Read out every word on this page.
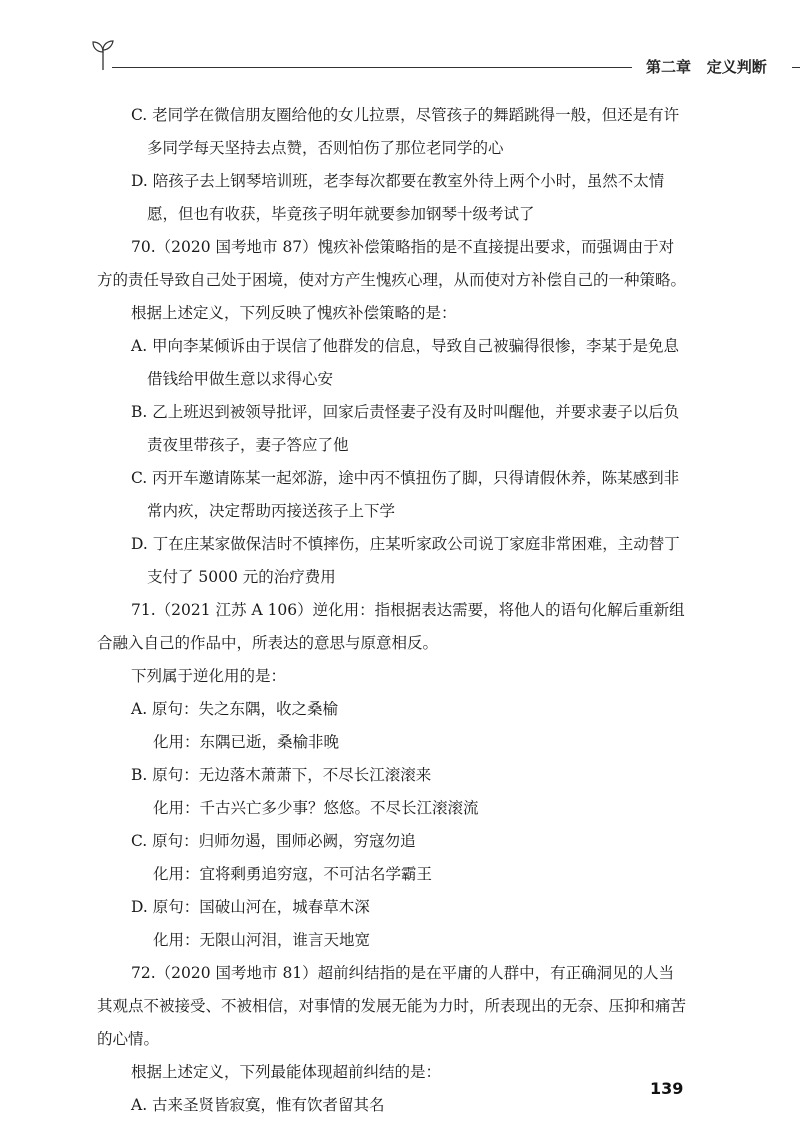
第二章 定义判断

C. 老同学在微信朋友圈给他的女儿拉票，尽管孩子的舞蹈跳得一般，但还是有许多同学每天坚持去点赞，否则怕伤了那位老同学的心

D. 陪孩子去上钢琴培训班，老李每次都要在教室外待上两个小时，虽然不太情愿，但也有收获，毕竟孩子明年就要参加钢琴十级考试了

70.（2020 国考地市 87）愧疚补偿策略指的是不直接提出要求，而强调由于对方的责任导致自己处于困境，使对方产生愧疚心理，从而使对方补偿自己的一种策略。

根据上述定义，下列反映了愧疚补偿策略的是：

A. 甲向李某倾诉由于误信了他群发的信息，导致自己被骗得很惨，李某于是免息借钱给甲做生意以求得心安

B. 乙上班迟到被领导批评，回家后责怪妻子没有及时叫醒他，并要求妻子以后负责夜里带孩子，妻子答应了他

C. 丙开车邀请陈某一起郊游，途中丙不慎扭伤了脚，只得请假休养，陈某感到非常内疚，决定帮助丙接送孩子上下学

D. 丁在庄某家做保洁时不慎摔伤，庄某听家政公司说丁家庭非常困难，主动替丁支付了 5000 元的治疗费用

71.（2021 江苏 A 106）逆化用：指根据表达需要，将他人的语句化解后重新组合融入自己的作品中，所表达的意思与原意相反。

下列属于逆化用的是：

A. 原句：失之东隅，收之桑榆

化用：东隅已逝，桑榆非晚

B. 原句：无边落木萧萧下，不尽长江滚滚来

化用：千古兴亡多少事？悠悠。不尽长江滚滚流

C. 原句：归师勿遏，围师必阙，穷寇勿追

化用：宜将剩勇追穷寇，不可沽名学霸王

D. 原句：国破山河在，城春草木深

化用：无限山河泪，谁言天地宽

72.（2020 国考地市 81）超前纠结指的是在平庸的人群中，有正确洞见的人当其观点不被接受、不被相信，对事情的发展无能为力时，所表现出的无奈、压抑和痛苦的心情。

根据上述定义，下列最能体现超前纠结的是：

A. 古来圣贤皆寂寞，惟有饮者留其名

139
